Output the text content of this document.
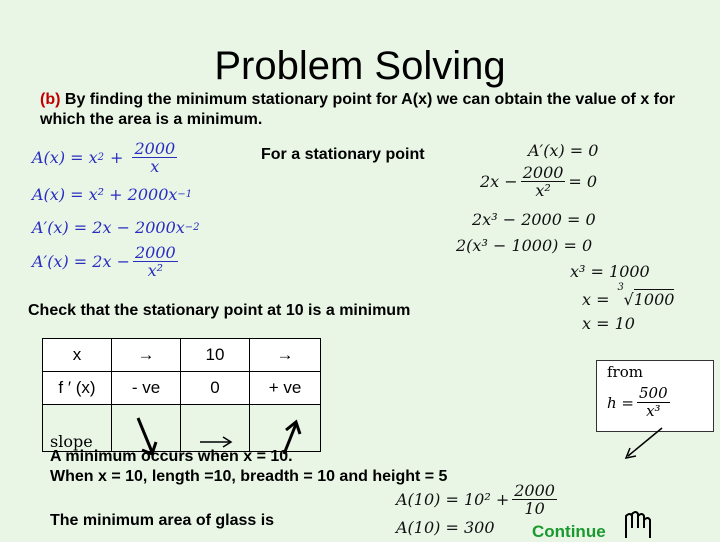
Problem Solving
(b) By finding the minimum stationary point for A(x) we can obtain the value of x for which the area is a minimum.
A(x) = x $2 + \frac{2000}{x}$
A(x) = x² + 2000x −1
A′(x) = 2x − 2000x −2
$A'(x) = 2x - \frac{2000}{\text{x²}}$
For a stationary point	A′(x) = 0
$2x - \frac{2000}{\text{x²}} = 0$
2x³ − 2000 = 0
2(x³ − 1000) = 0
x³ = 1000
x =
3
√1000
x = 10
Check that the stationary point at 10 is a minimum
x	→	10	→
f ′ (x)	- ve	0	+ ve

slope
from
$h = \frac{500}{\text{x³}}$
A minimum occurs when x = 10.
When x = 10, length =10, breadth = 10 and height = 5
The minimum area of glass is
$A(10) = 10^2 + \frac{2000}{10}$
A(10) = 300 Continue
